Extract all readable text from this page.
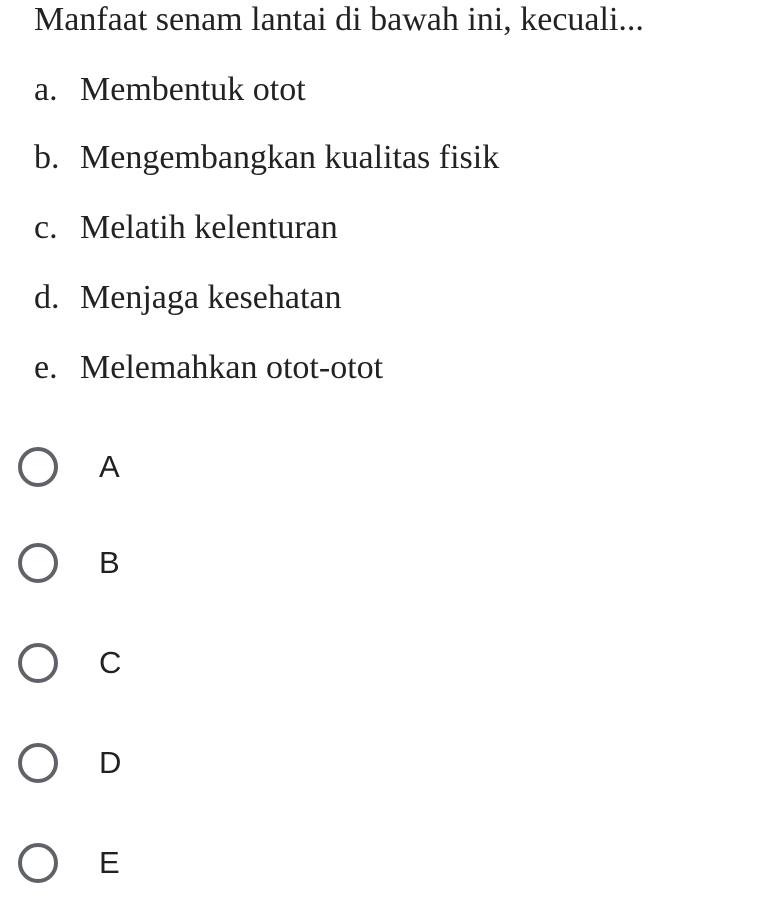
Manfaat senam lantai di bawah ini, kecuali...
a. Membentuk otot
b. Mengembangkan kualitas fisik
c. Melatih kelenturan
d. Menjaga kesehatan
e. Melemahkan otot-otot
A
B
C
D
E
